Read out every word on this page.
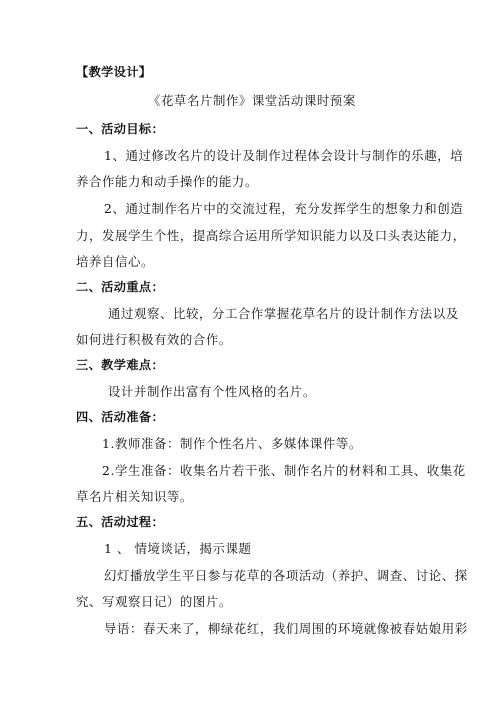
【教学设计】
《花草名片制作》课堂活动课时预案
一、活动目标：
1、通过修改名片的设计及制作过程体会设计与制作的乐趣，培
养合作能力和动手操作的能力。
2、通过制作名片中的交流过程，充分发挥学生的想象力和创造
力，发展学生个性，提高综合运用所学知识能力以及口头表达能力，
培养自信心。
二、活动重点：
通过观察、比较，分工合作掌握花草名片的设计制作方法以及
如何进行积极有效的合作。
三、教学难点：
设计并制作出富有个性风格的名片。
四、活动准备：
1.教师准备：制作个性名片、多媒体课件等。
2.学生准备：收集名片若干张、制作名片的材料和工具、收集花
草名片相关知识等。
五、活动过程：
1 、 情境谈话，揭示课题
幻灯播放学生平日参与花草的各项活动（养护、调查、讨论、探
究、写观察日记）的图片。
导语：春天来了，柳绿花红，我们周围的环境就像被春姑娘用彩
